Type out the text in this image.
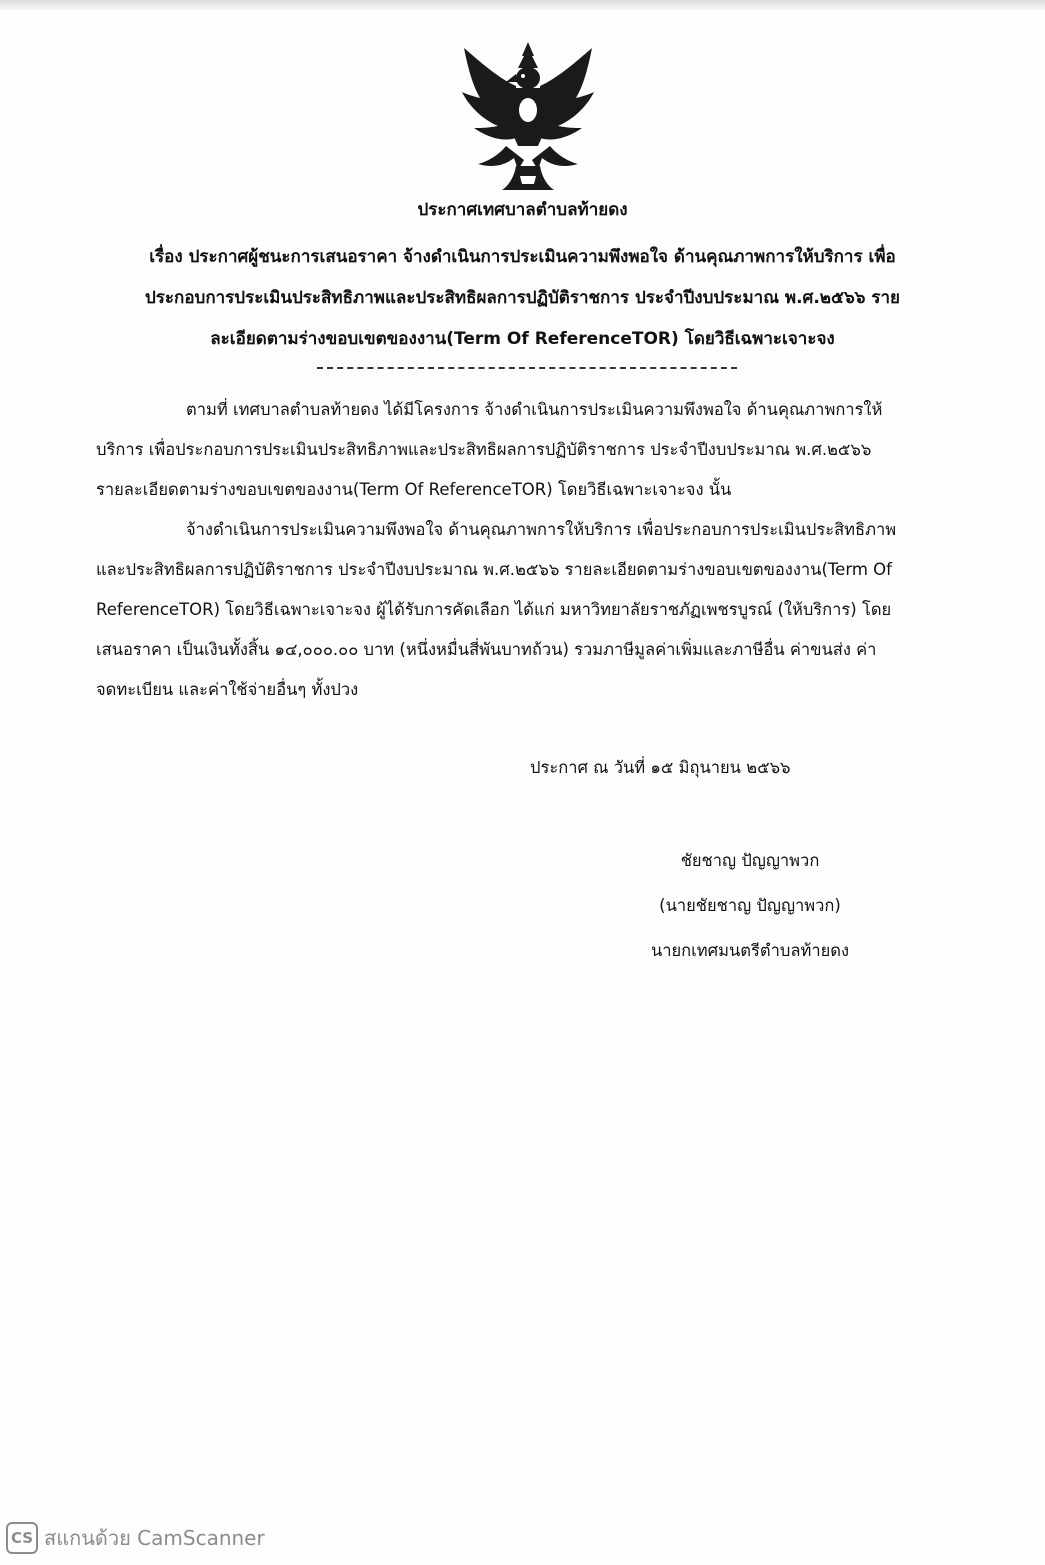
ประกาศเทศบาลตำบลท้ายดง

เรื่อง ประกาศผู้ชนะการเสนอราคา จ้างดำเนินการประเมินความพึงพอใจ ด้านคุณภาพการให้บริการ เพื่อ

ประกอบการประเมินประสิทธิภาพและประสิทธิผลการปฏิบัติราชการ ประจำปีงบประมาณ พ.ศ.๒๕๖๖ ราย

ละเอียดตามร่างขอบเขตของงาน(Term Of ReferenceTOR) โดยวิธีเฉพาะเจาะจง

ตามที่ เทศบาลตำบลท้ายดง ได้มีโครงการ จ้างดำเนินการประเมินความพึงพอใจ ด้านคุณภาพการให้
บริการ เพื่อประกอบการประเมินประสิทธิภาพและประสิทธิผลการปฏิบัติราชการ ประจำปีงบประมาณ พ.ศ.๒๕๖๖
รายละเอียดตามร่างขอบเขตของงาน(Term Of ReferenceTOR) โดยวิธีเฉพาะเจาะจง นั้น
จ้างดำเนินการประเมินความพึงพอใจ ด้านคุณภาพการให้บริการ เพื่อประกอบการประเมินประสิทธิภาพ
และประสิทธิผลการปฏิบัติราชการ ประจำปีงบประมาณ พ.ศ.๒๕๖๖ รายละเอียดตามร่างขอบเขตของงาน(Term Of
ReferenceTOR) โดยวิธีเฉพาะเจาะจง ผู้ได้รับการคัดเลือก ได้แก่ มหาวิทยาลัยราชภัฏเพชรบูรณ์ (ให้บริการ) โดย
เสนอราคา เป็นเงินทั้งสิ้น ๑๔,๐๐๐.๐๐ บาท (หนึ่งหมื่นสี่พันบาทถ้วน) รวมภาษีมูลค่าเพิ่มและภาษีอื่น ค่าขนส่ง ค่า
จดทะเบียน และค่าใช้จ่ายอื่นๆ ทั้งปวง
ประกาศ ณ วันที่ ๑๕ มิถุนายน ๒๕๖๖
ชัยชาญ ปัญญาพวก
(นายชัยชาญ ปัญญาพวก)
นายกเทศมนตรีตำบลท้ายดง
CS สแกนด้วย CamScanner
